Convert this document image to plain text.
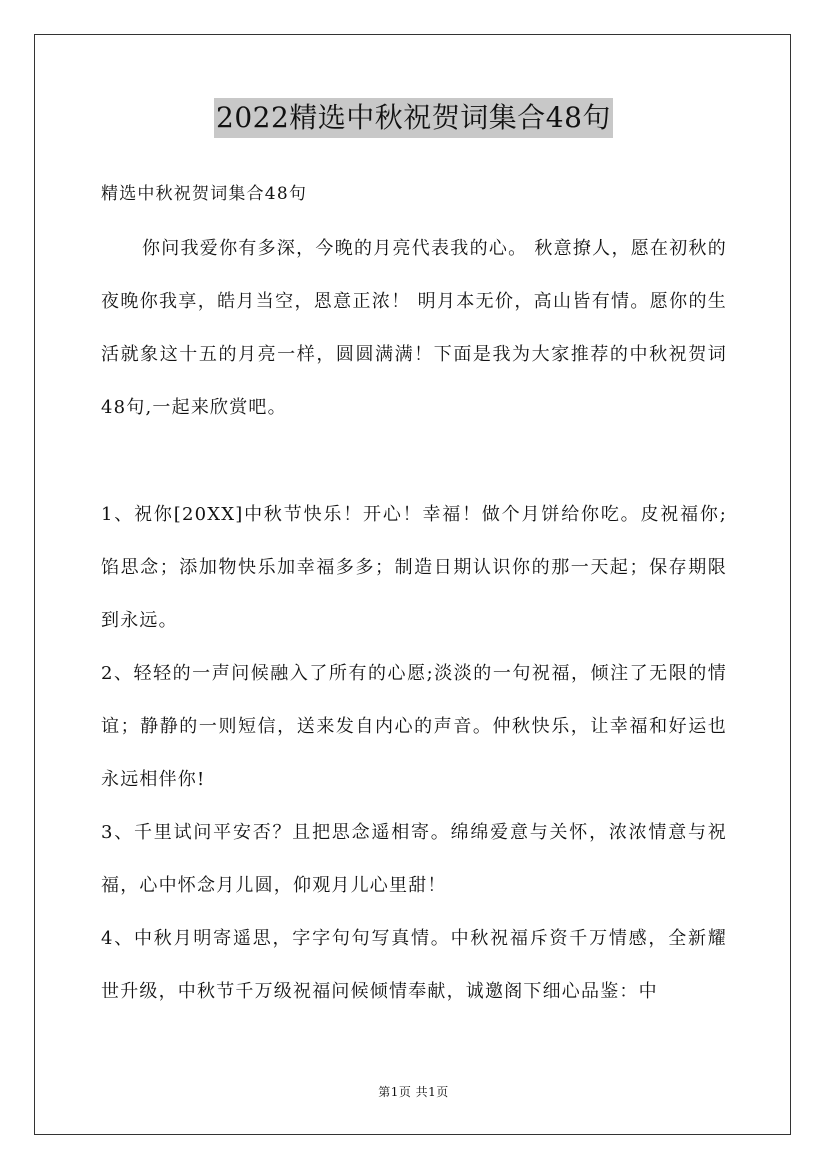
2022精选中秋祝贺词集合48句

精选中秋祝贺词集合48句

你问我爱你有多深，今晚的月亮代表我的心。 秋意撩人，愿在初秋的夜晚你我享，皓月当空，恩意正浓！ 明月本无价，高山皆有情。愿你的生活就象这十五的月亮一样，圆圆满满！下面是我为大家推荐的中秋祝贺词48句,一起来欣赏吧。

1、祝你[20XX]中秋节快乐！开心！幸福！做个月饼给你吃。皮祝福你;馅思念；添加物快乐加幸福多多；制造日期认识你的那一天起；保存期限到永远。

2、轻轻的一声问候融入了所有的心愿;淡淡的一句祝福，倾注了无限的情谊；静静的一则短信，送来发自内心的声音。仲秋快乐，让幸福和好运也永远相伴你!

3、千里试问平安否？且把思念遥相寄。绵绵爱意与关怀，浓浓情意与祝福，心中怀念月儿圆，仰观月儿心里甜！

4、中秋月明寄遥思，字字句句写真情。中秋祝福斥资千万情感，全新耀世升级，中秋节千万级祝福问候倾情奉献，诚邀阁下细心品鉴：中

第1页 共1页
